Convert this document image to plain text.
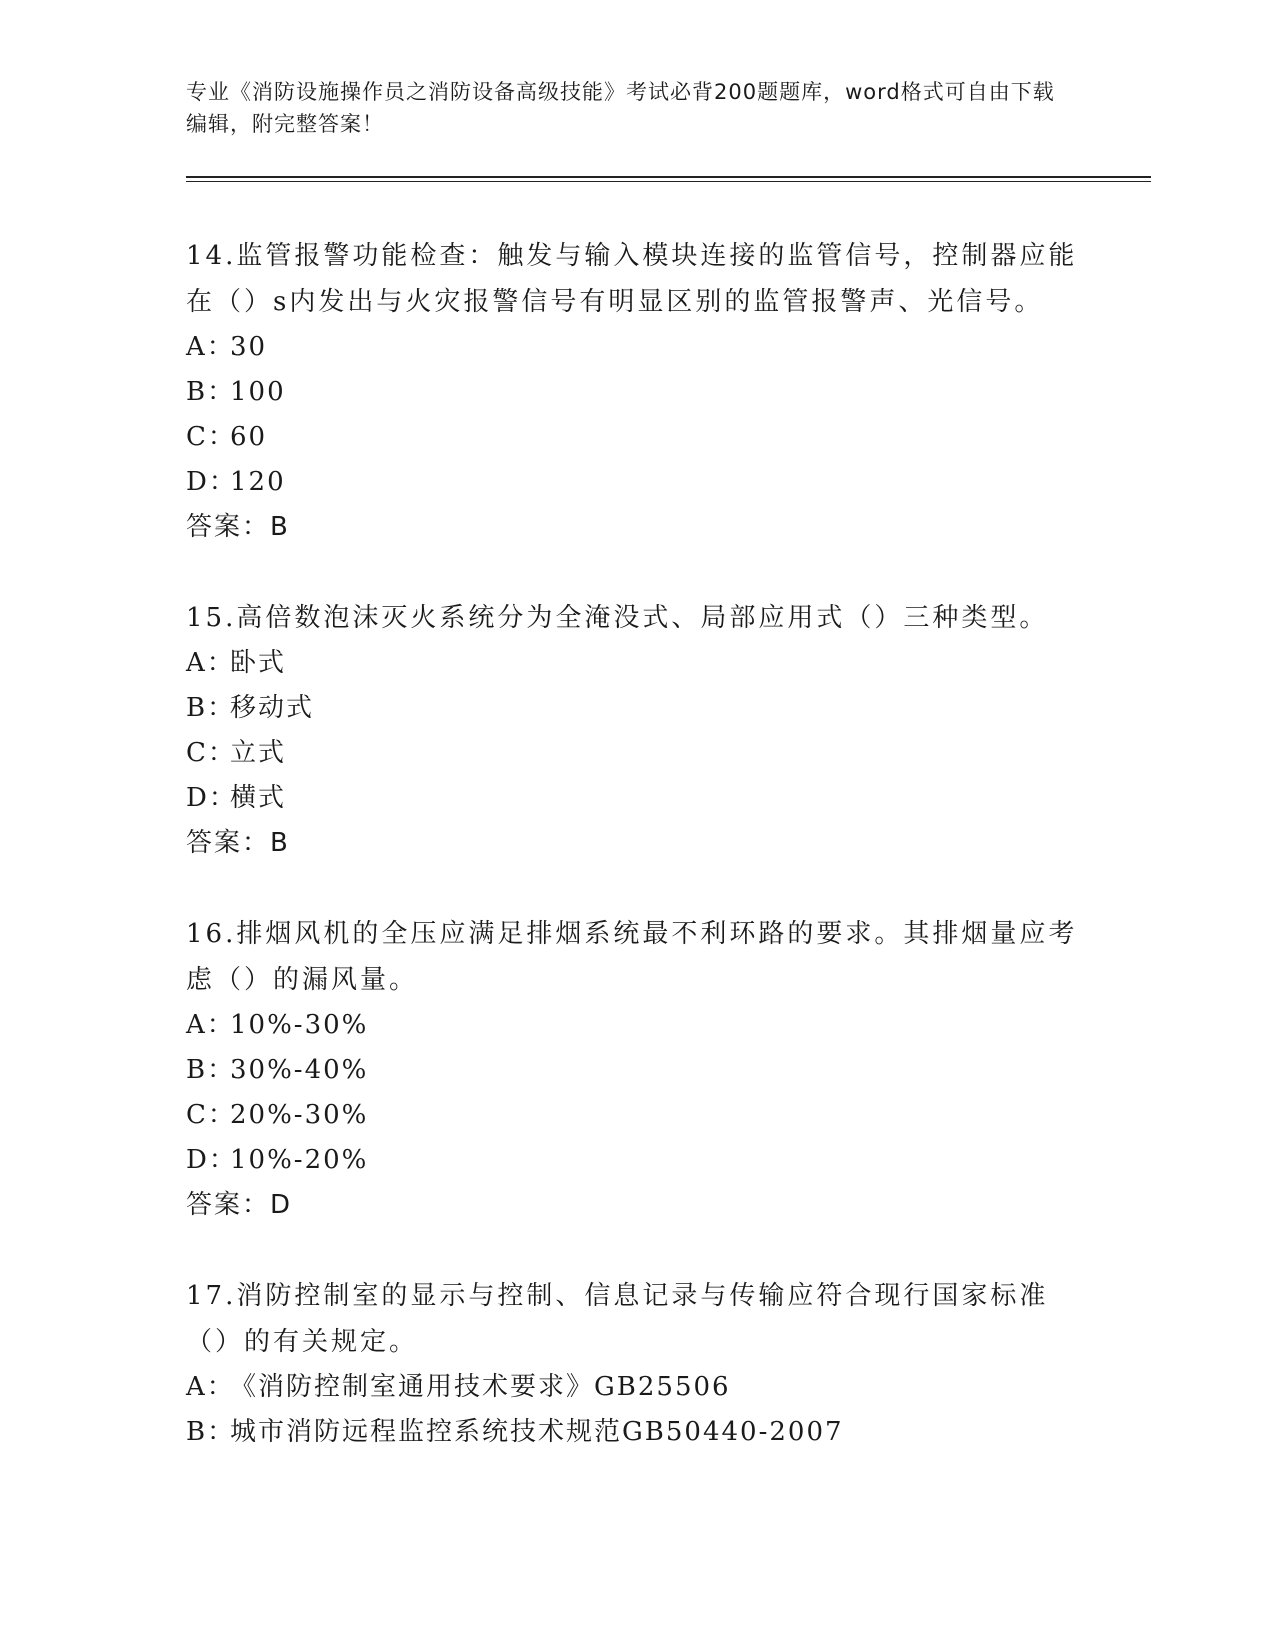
专业《消防设施操作员之消防设备高级技能》考试必背200题题库，word格式可自由下载编辑，附完整答案！

14.监管报警功能检查：触发与输入模块连接的监管信号，控制器应能在（）s内发出与火灾报警信号有明显区别的监管报警声、光信号。

A：
30
B：
100
C：
60
D：
120

答案：B

15.高倍数泡沫灭火系统分为全淹没式、局部应用式（）三种类型。

A：
卧式
B：
移动式
C：
立式
D：
横式

答案：B

16.排烟风机的全压应满足排烟系统最不利环路的要求。其排烟量应考虑（）的漏风量。

A：
10%-30%
B：
30%-40%
C：
20%-30%
D：
10%-20%

答案：D

17.消防控制室的显示与控制、信息记录与传输应符合现行国家标准（）的有关规定。

A：
《消防控制室通用技术要求》GB25506
B：
城市消防远程监控系统技术规范GB50440-2007
